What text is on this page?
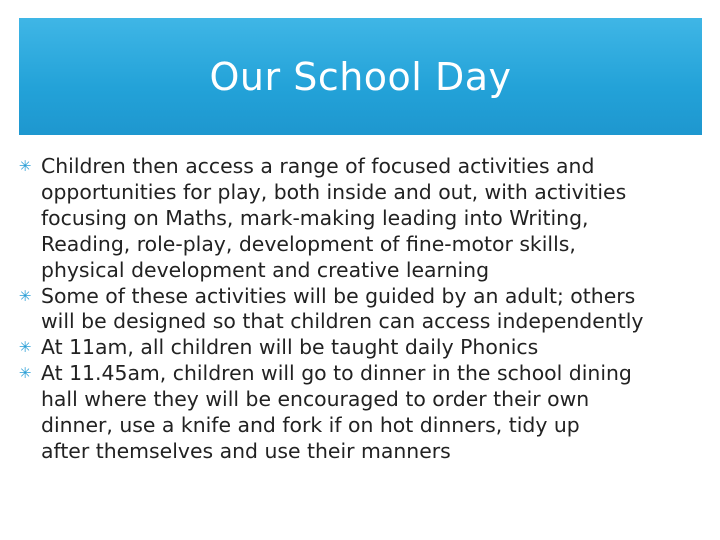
Our School Day
✳ Children then access a range of focused activities and
opportunities for play, both inside and out, with activities
focusing on Maths, mark-making leading into Writing,
Reading, role-play, development of fine-motor skills,
physical development and creative learning
✳ Some of these activities will be guided by an adult; others
will be designed so that children can access independently
✳ At 11am, all children will be taught daily Phonics
✳ At 11.45am, children will go to dinner in the school dining
hall where they will be encouraged to order their own
dinner, use a knife and fork if on hot dinners, tidy up
after themselves and use their manners
